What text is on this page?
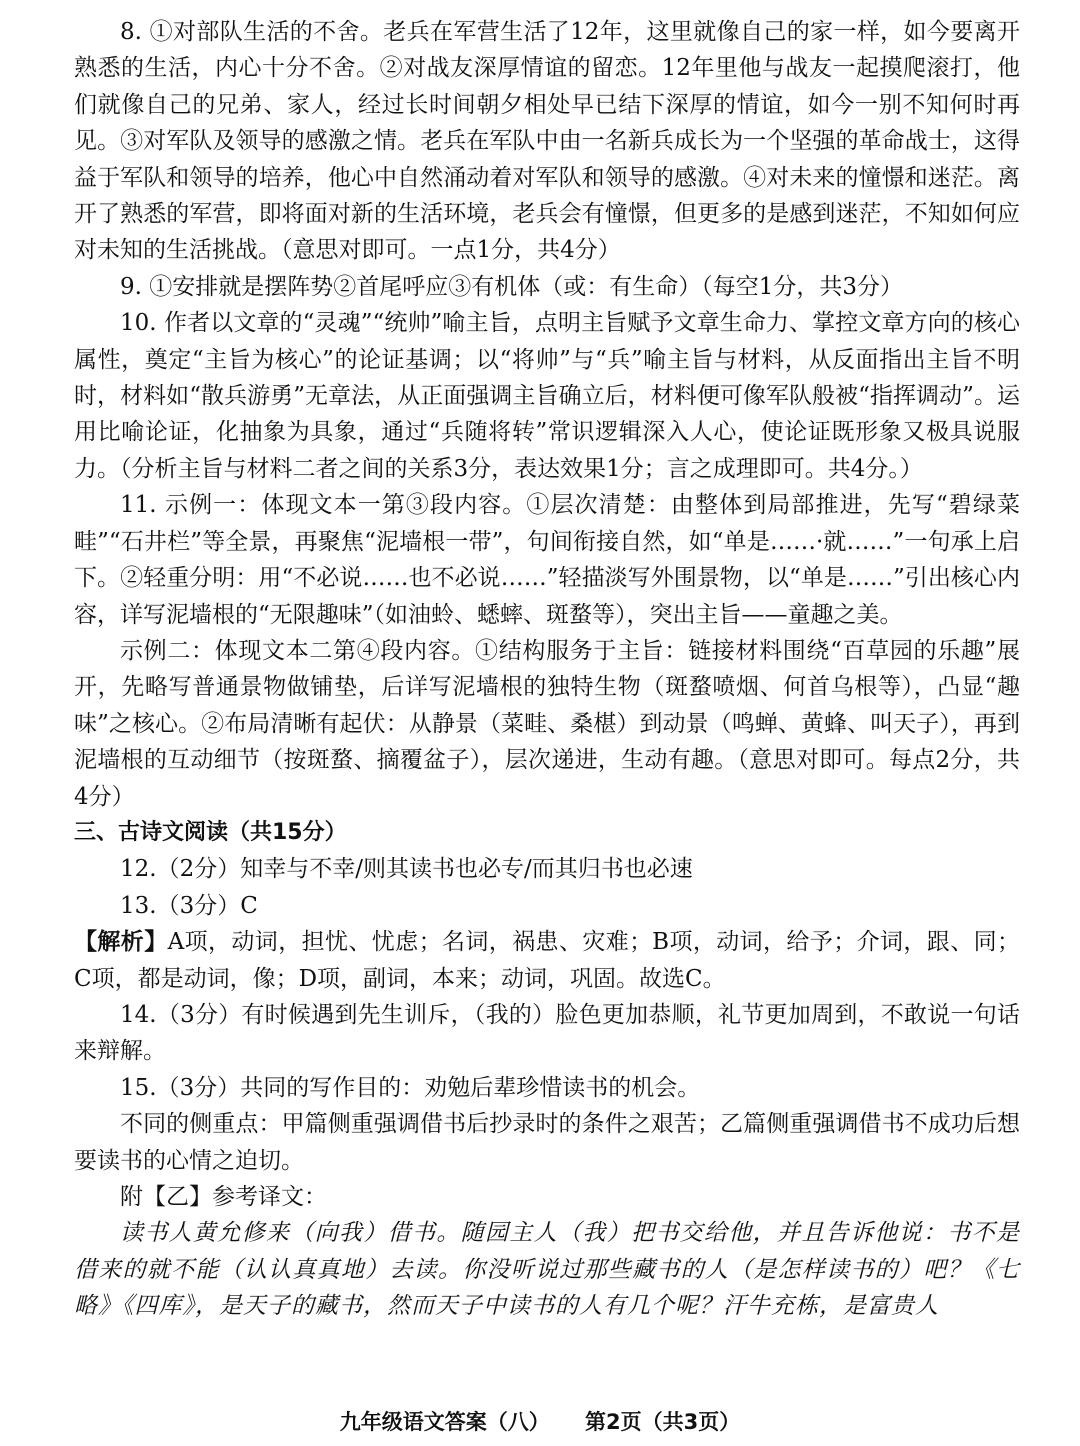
8. ①对部队生活的不舍。老兵在军营生活了12年，这里就像自己的家一样，如今要离开熟悉的生活，内心十分不舍。②对战友深厚情谊的留恋。12年里他与战友一起摸爬滚打，他们就像自己的兄弟、家人，经过长时间朝夕相处早已结下深厚的情谊，如今一别不知何时再见。③对军队及领导的感激之情。老兵在军队中由一名新兵成长为一个坚强的革命战士，这得益于军队和领导的培养，他心中自然涌动着对军队和领导的感激。④对未来的憧憬和迷茫。离开了熟悉的军营，即将面对新的生活环境，老兵会有憧憬，但更多的是感到迷茫，不知如何应对未知的生活挑战。（意思对即可。一点1分，共4分）

9. ①安排就是摆阵势②首尾呼应③有机体（或：有生命）（每空1分，共3分）

10. 作者以文章的“灵魂”“统帅”喻主旨，点明主旨赋予文章生命力、掌控文章方向的核心属性，奠定“主旨为核心”的论证基调；以“将帅”与“兵”喻主旨与材料，从反面指出主旨不明时，材料如“散兵游勇”无章法，从正面强调主旨确立后，材料便可像军队般被“指挥调动”。运用比喻论证，化抽象为具象，通过“兵随将转”常识逻辑深入人心，使论证既形象又极具说服力。（分析主旨与材料二者之间的关系3分，表达效果1分；言之成理即可。共4分。）

11. 示例一：体现文本一第③段内容。①层次清楚：由整体到局部推进，先写“碧绿菜畦”“石井栏”等全景，再聚焦“泥墙根一带”，句间衔接自然，如“单是……·就……”一句承上启下。②轻重分明：用“不必说……也不必说……”轻描淡写外围景物，以“单是……”引出核心内容，详写泥墙根的“无限趣味”（如油蛉、蟋蟀、斑蝥等），突出主旨——童趣之美。

示例二：体现文本二第④段内容。①结构服务于主旨：链接材料围绕“百草园的乐趣”展开，先略写普通景物做铺垫，后详写泥墙根的独特生物（斑蝥喷烟、何首乌根等），凸显“趣味”之核心。②布局清晰有起伏：从静景（菜畦、桑椹）到动景（鸣蝉、黄蜂、叫天子），再到泥墙根的互动细节（按斑蝥、摘覆盆子），层次递进，生动有趣。（意思对即可。每点2分，共4分）

三、古诗文阅读（共15分）

12.（2分）知幸与不幸/则其读书也必专/而其归书也必速

13.（3分）C

【解析】A项，动词，担忧、忧虑；名词，祸患、灾难；B项，动词，给予；介词，跟、同；C项，都是动词，像；D项，副词，本来；动词，巩固。故选C。

14.（3分）有时候遇到先生训斥，（我的）脸色更加恭顺，礼节更加周到，不敢说一句话来辩解。

15.（3分）共同的写作目的：劝勉后辈珍惜读书的机会。

不同的侧重点：甲篇侧重强调借书后抄录时的条件之艰苦；乙篇侧重强调借书不成功后想要读书的心情之迫切。

附【乙】参考译文：

读书人黄允修来（向我）借书。随园主人（我）把书交给他，并且告诉他说：书不是借来的就不能（认认真真地）去读。你没听说过那些藏书的人（是怎样读书的）吧？《七略》《四库》，是天子的藏书，然而天子中读书的人有几个呢？汗牛充栋，是富贵人

九年级语文答案（八） 第2页（共3页）
